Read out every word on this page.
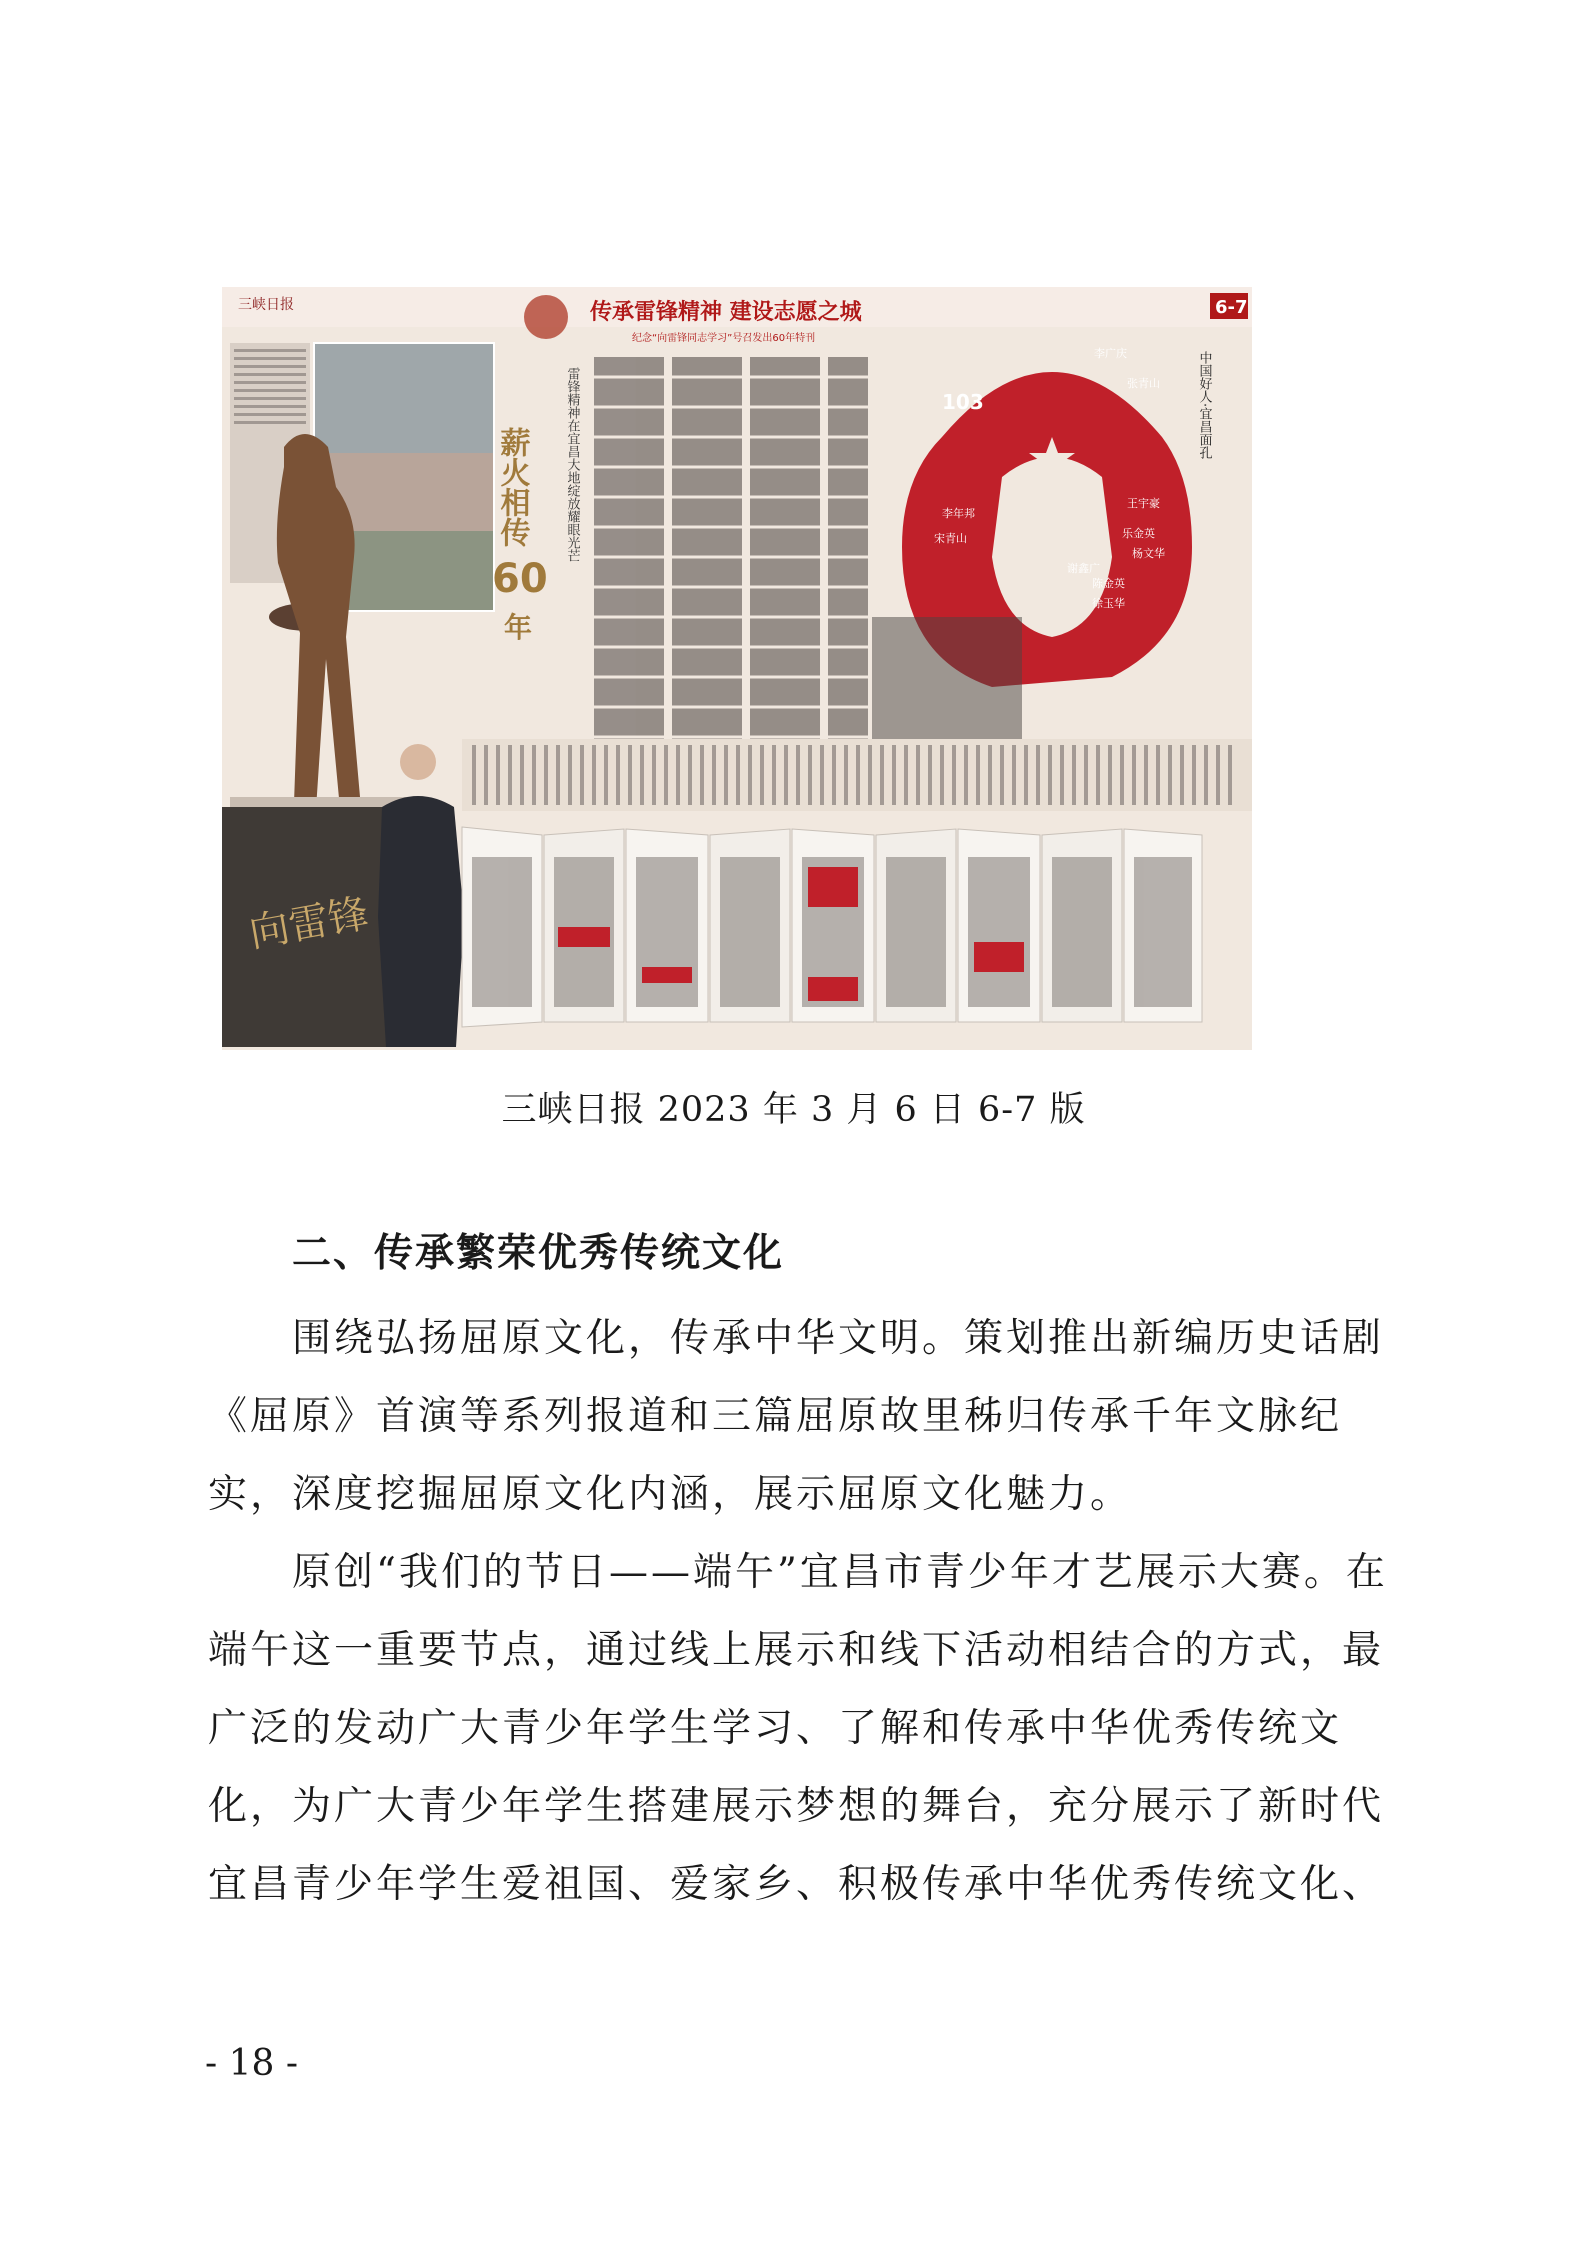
三峡日报	传承雷锋精神 建设志愿之城
纪念“向雷锋同志学习”号召发出60年特刊
6-7
向雷锋
薪火相传
60
年
雷锋精神在宜昌大地绽放耀眼光芒	103
李广庆
张青山
杨文华
王宇豪
李年邦
宋青山
陈金英
徐玉华
乐金英
谢鑫广
中国好人·宜昌面孔
三峡日报 2023 年 3 月 6 日 6-7 版
二、传承繁荣优秀传统文化

围绕弘扬屈原文化，传承中华文明。策划推出新编历史话剧《屈原》首演等系列报道和三篇屈原故里秭归传承千年文脉纪实，深度挖掘屈原文化内涵，展示屈原文化魅力。

原创“我们的节日——端午”宜昌市青少年才艺展示大赛。在端午这一重要节点，通过线上展示和线下活动相结合的方式，最广泛的发动广大青少年学生学习、了解和传承中华优秀传统文化，为广大青少年学生搭建展示梦想的舞台，充分展示了新时代宜昌青少年学生爱祖国、爱家乡、积极传承中华优秀传统文化、

- 18 -
